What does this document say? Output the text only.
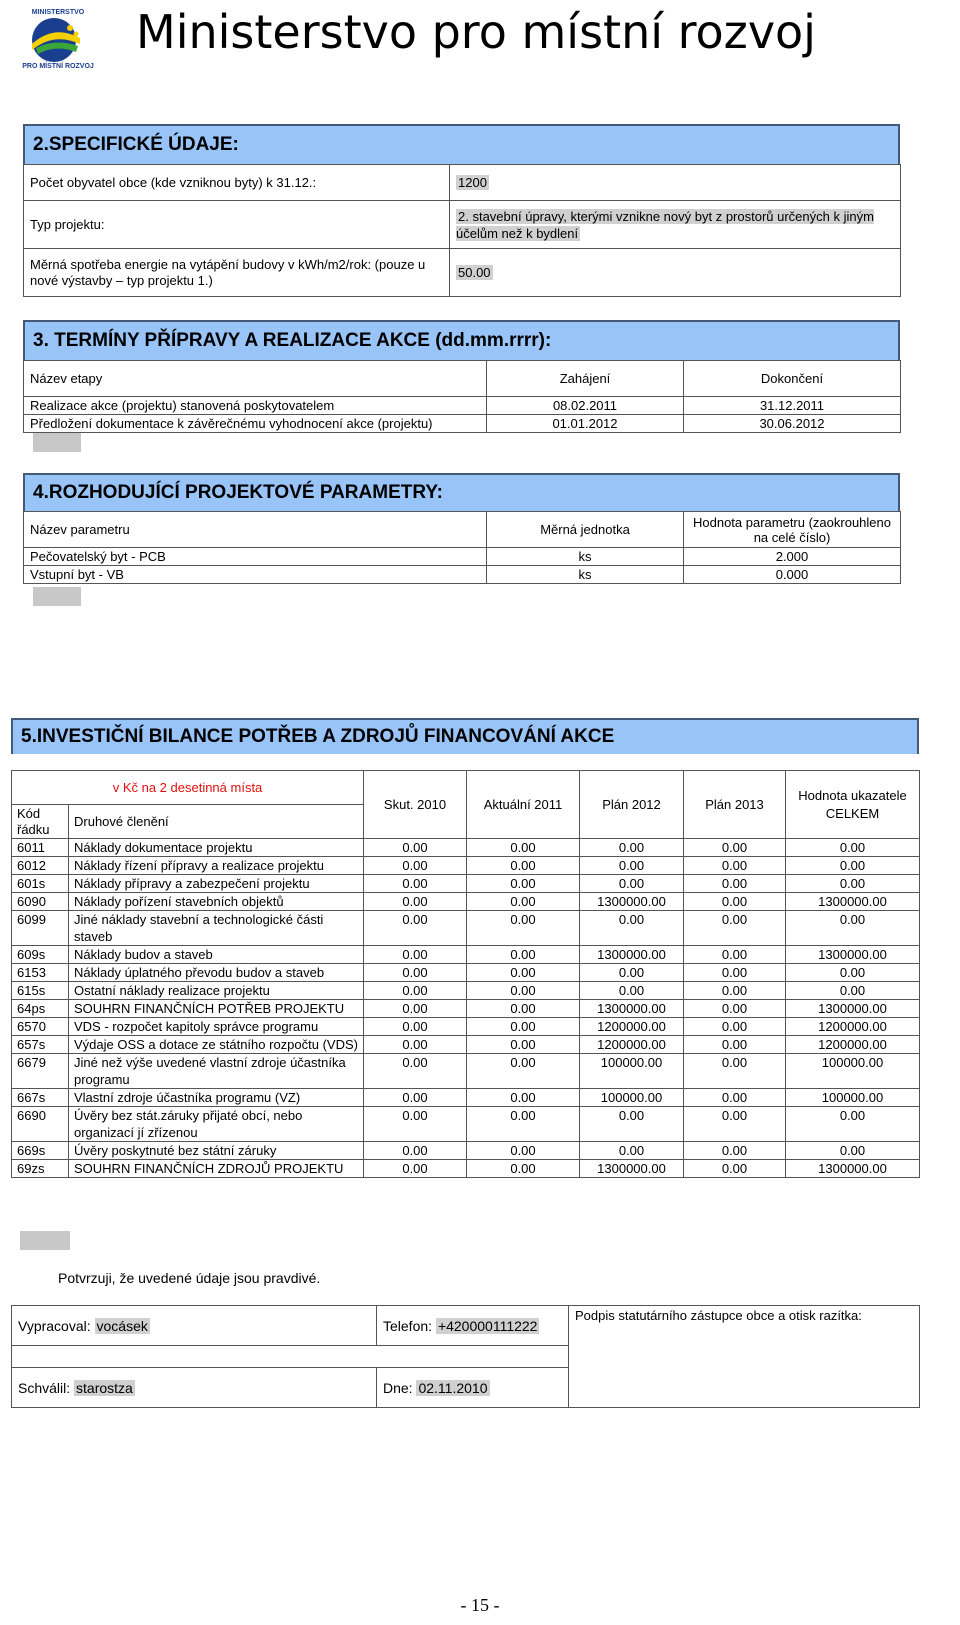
MINISTERSTVO
PRO MÍSTNÍ ROZVOJ
Ministerstvo pro místní rozvoj
2.SPECIFICKÉ ÚDAJE:
Počet obyvatel obce (kde vzniknou byty) k 31.12.:	1200
Typ projektu:	2. stavební úpravy, kterými vznikne nový byt z prostorů určených k jiným účelům než k bydlení
Měrná spotřeba energie na vytápění budovy v kWh/m2/rok: (pouze u nové výstavby – typ projektu 1.)	50.00
3. TERMÍNY PŘÍPRAVY A REALIZACE AKCE (dd.mm.rrrr):
Název etapy	Zahájení	Dokončení
Realizace akce (projektu) stanovená poskytovatelem	08.02.2011	31.12.2011
Předložení dokumentace k závěrečnému vyhodnocení akce (projektu)	01.01.2012	30.06.2012
4.ROZHODUJÍCÍ PROJEKTOVÉ PARAMETRY:
Název parametru	Měrná jednotka	Hodnota parametru (zaokrouhleno na celé číslo)
Pečovatelský byt - PCB	ks	2.000
Vstupní byt - VB	ks	0.000
5.INVESTIČNÍ BILANCE POTŘEB A ZDROJŮ FINANCOVÁNÍ AKCE
v Kč na 2 desetinná místa		Skut. 2010	Aktuální 2011	Plán 2012	Plán 2013	Hodnota ukazatele CELKEM
Kód řádku	Druhové členění					
6011	Náklady dokumentace projektu	0.00	0.00	0.00	0.00	0.00
6012	Náklady řízení přípravy a realizace projektu	0.00	0.00	0.00	0.00	0.00
601s	Náklady přípravy a zabezpečení projektu	0.00	0.00	0.00	0.00	0.00
6090	Náklady pořízení stavebních objektů	0.00	0.00	1300000.00	0.00	1300000.00
6099	Jiné náklady stavební a technologické části staveb	0.00	0.00	0.00	0.00	0.00
609s	Náklady budov a staveb	0.00	0.00	1300000.00	0.00	1300000.00
6153	Náklady úplatného převodu budov a staveb	0.00	0.00	0.00	0.00	0.00
615s	Ostatní náklady realizace projektu	0.00	0.00	0.00	0.00	0.00
64ps	SOUHRN FINANČNÍCH POTŘEB PROJEKTU	0.00	0.00	1300000.00	0.00	1300000.00
6570	VDS - rozpočet kapitoly správce programu	0.00	0.00	1200000.00	0.00	1200000.00
657s	Výdaje OSS a dotace ze státního rozpočtu (VDS)	0.00	0.00	1200000.00	0.00	1200000.00
6679	Jiné než výše uvedené vlastní zdroje účastníka programu	0.00	0.00	100000.00	0.00	100000.00
667s	Vlastní zdroje účastníka programu (VZ)	0.00	0.00	100000.00	0.00	100000.00
6690	Úvěry bez stát.záruky přijaté obcí, nebo organizací jí zřízenou	0.00	0.00	0.00	0.00	0.00
669s	Úvěry poskytnuté bez státní záruky	0.00	0.00	0.00	0.00	0.00
69zs	SOUHRN FINANČNÍCH ZDROJŮ PROJEKTU	0.00	0.00	1300000.00	0.00	1300000.00
Potvrzuji, že uvedené údaje jsou pravdivé.
Vypracoval: vocásek	Telefon: +420000111222	Podpis statutárního zástupce obce a otisk razítka:

Schválil: starostza	Dne: 02.11.2010	
- 15 -
